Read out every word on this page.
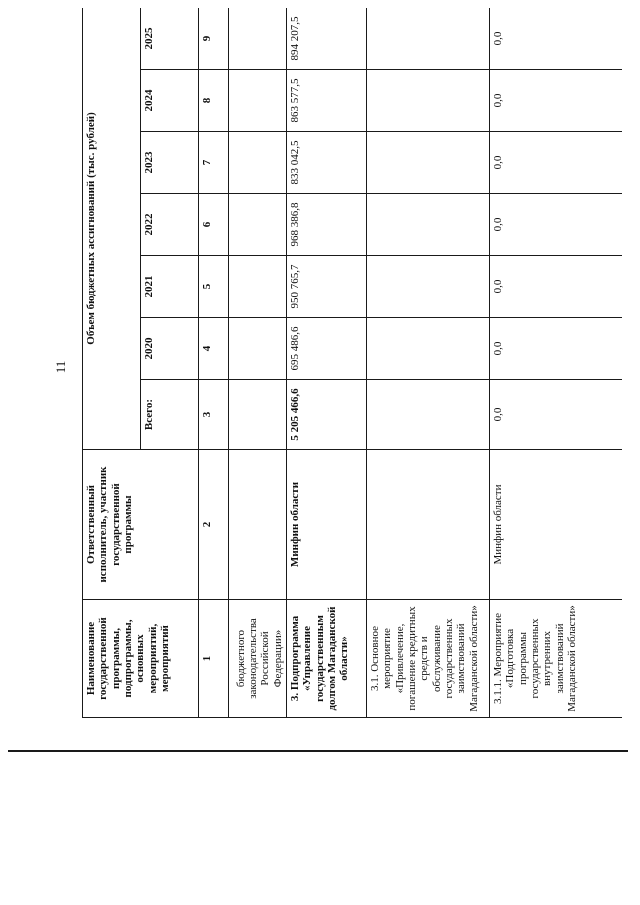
11
Наименование государственной программы, подпрограммы, основных мероприятий, мероприятий	Ответственный исполнитель, участник государственной программы	Объем бюджетных ассигнований (тыс. рублей)						
		Всего:	2020	2021	2022	2023	2024	2025
1	2	3	4	5	6	7	8	9
бюджетного законодательства Российской Федерации»								
3. Подпрограмма «Управление государственным долгом Магаданской области»	Минфин области	5 205 466,6	695 486,6	950 765,7	968 386,8	833 042,5	863 577,5	894 207,5
3.1. Основное мероприятие «Привлечение, погашение кредитных средств и обслуживание государственных заимствований Магаданской области»								
3.1.1. Мероприятие «Подготовка программы государственных внутренних заимствований Магаданской области»	Минфин области	0,0	0,0	0,0	0,0	0,0	0,0	0,0
